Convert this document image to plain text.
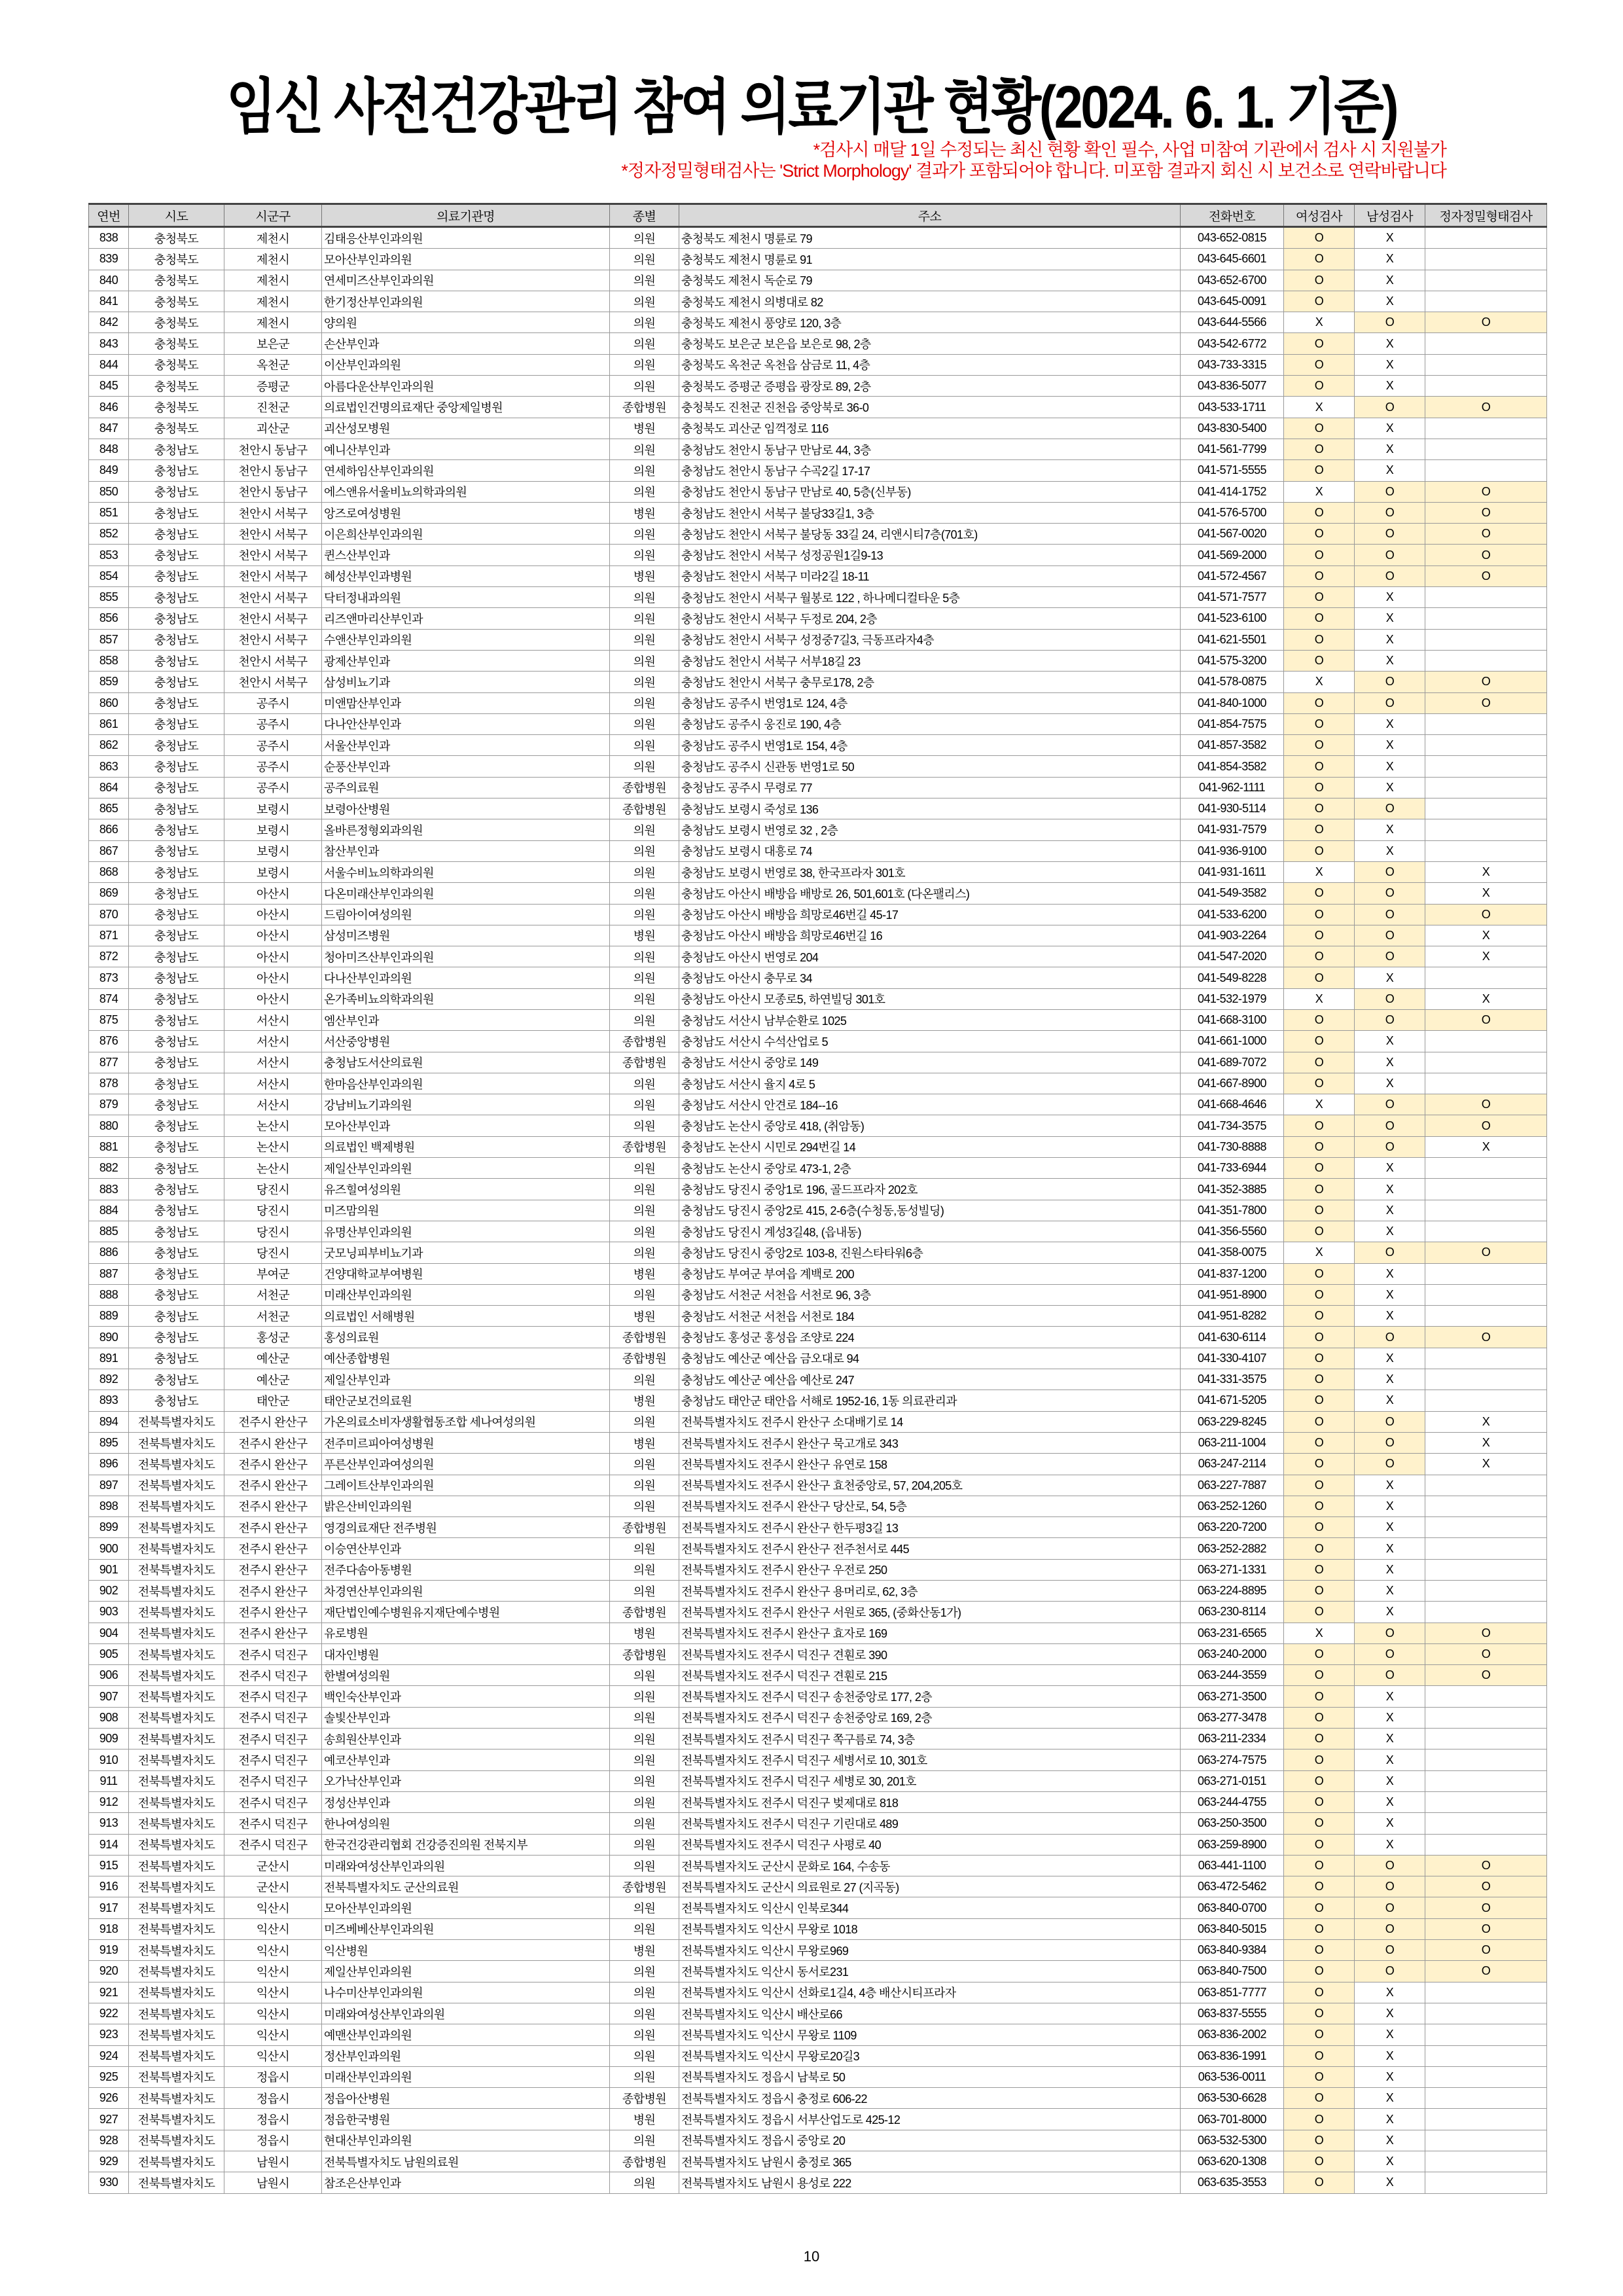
임신 사전건강관리 참여 의료기관 현황(2024. 6. 1. 기준)
*검사시 매달 1일 수정되는 최신 현황 확인 필수, 사업 미참여 기관에서 검사 시 지원불가
*정자정밀형태검사는 'Strict Morphology' 결과가 포함되어야 합니다. 미포함 결과지 회신 시 보건소로 연락바랍니다
연번	시도	시군구	의료기관명	종별	주소	전화번호	여성검사	남성검사	정자정밀형태검사
838	충청북도	제천시	김태응산부인과의원	의원	충청북도 제천시 명륜로 79	043-652-0815	O	X	
839	충청북도	제천시	모아산부인과의원	의원	충청북도 제천시 명륜로 91	043-645-6601	O	X	
840	충청북도	제천시	연세미즈산부인과의원	의원	충청북도 제천시 독순로 79	043-652-6700	O	X	
841	충청북도	제천시	한기정산부인과의원	의원	충청북도 제천시 의병대로 82	043-645-0091	O	X	
842	충청북도	제천시	양의원	의원	충청북도 제천시 풍양로 120, 3층	043-644-5566	X	O	O
843	충청북도	보은군	손산부인과	의원	충청북도 보은군 보은읍 보은로 98, 2층	043-542-6772	O	X	
844	충청북도	옥천군	이산부인과의원	의원	충청북도 옥천군 옥천읍 삼금로 11, 4층	043-733-3315	O	X	
845	충청북도	증평군	아름다운산부인과의원	의원	충청북도 증평군 증평읍 광장로 89, 2층	043-836-5077	O	X	
846	충청북도	진천군	의료법인건명의료재단 중앙제일병원	종합병원	충청북도 진천군 진천읍 중앙북로 36-0	043-533-1711	X	O	O
847	충청북도	괴산군	괴산성모병원	병원	충청북도 괴산군 임꺽정로 116	043-830-5400	O	X	
848	충청남도	천안시 동남구	예니산부인과	의원	충청남도 천안시 동남구 만남로 44, 3층	041-561-7799	O	X	
849	충청남도	천안시 동남구	연세하임산부인과의원	의원	충청남도 천안시 동남구 수곡2길 17-17	041-571-5555	O	X	
850	충청남도	천안시 동남구	에스앤유서울비뇨의학과의원	의원	충청남도 천안시 동남구 만남로 40, 5층(신부동)	041-414-1752	X	O	O
851	충청남도	천안시 서북구	앙즈로여성병원	병원	충청남도 천안시 서북구 불당33길1, 3층	041-576-5700	O	O	O
852	충청남도	천안시 서북구	이은희산부인과의원	의원	충청남도 천안시 서북구 불당동 33길 24, 리앤시티7층(701호)	041-567-0020	O	O	O
853	충청남도	천안시 서북구	퀸스산부인과	의원	충청남도 천안시 서북구 성정공원1길9-13	041-569-2000	O	O	O
854	충청남도	천안시 서북구	혜성산부인과병원	병원	충청남도 천안시 서북구 미라2길 18-11	041-572-4567	O	O	O
855	충청남도	천안시 서북구	닥터정내과의원	의원	충청남도 천안시 서북구 월봉로 122 , 하나메디컬타운 5층	041-571-7577	O	X	
856	충청남도	천안시 서북구	리즈앤마리산부인과	의원	충청남도 천안시 서북구 두정로 204, 2층	041-523-6100	O	X	
857	충청남도	천안시 서북구	수앤산부인과의원	의원	충청남도 천안시 서북구 성정중7길3, 극동프라자4층	041-621-5501	O	X	
858	충청남도	천안시 서북구	광제산부인과	의원	충청남도 천안시 서북구 서부18길 23	041-575-3200	O	X	
859	충청남도	천안시 서북구	삼성비뇨기과	의원	충청남도 천안시 서북구 충무로178, 2층	041-578-0875	X	O	O
860	충청남도	공주시	미앤맘산부인과	의원	충청남도 공주시 번영1로 124, 4층	041-840-1000	O	O	O
861	충청남도	공주시	다나안산부인과	의원	충청남도 공주시 웅진로 190, 4층	041-854-7575	O	X	
862	충청남도	공주시	서울산부인과	의원	충청남도 공주시 번영1로 154, 4층	041-857-3582	O	X	
863	충청남도	공주시	순풍산부인과	의원	충청남도 공주시 신관동 번영1로 50	041-854-3582	O	X	
864	충청남도	공주시	공주의료원	종합병원	충청남도 공주시 무령로 77	041-962-1111	O	X	
865	충청남도	보령시	보령아산병원	종합병원	충청남도 보령시 죽성로 136	041-930-5114	O	O	
866	충청남도	보령시	올바른정형외과의원	의원	충청남도 보령시 번영로 32 , 2층	041-931-7579	O	X	
867	충청남도	보령시	참산부인과	의원	충청남도 보령시 대흥로 74	041-936-9100	O	X	
868	충청남도	보령시	서울수비뇨의학과의원	의원	충청남도 보령시 번영로 38, 한국프라자 301호	041-931-1611	X	O	X
869	충청남도	아산시	다온미래산부인과의원	의원	충청남도 아산시 배방읍 배방로 26, 501,601호 (다온팰리스)	041-549-3582	O	O	X
870	충청남도	아산시	드림아이여성의원	의원	충청남도 아산시 배방읍 희망로46번길 45-17	041-533-6200	O	O	O
871	충청남도	아산시	삼성미즈병원	병원	충청남도 아산시 배방읍 희망로46번길 16	041-903-2264	O	O	X
872	충청남도	아산시	청아미즈산부인과의원	의원	충청남도 아산시 번영로 204	041-547-2020	O	O	X
873	충청남도	아산시	다나산부인과의원	의원	충청남도 아산시 충무로 34	041-549-8228	O	X	
874	충청남도	아산시	온가족비뇨의학과의원	의원	충청남도 아산시 모종로5, 하연빌딩 301호	041-532-1979	X	O	X
875	충청남도	서산시	엠산부인과	의원	충청남도 서산시 남부순환로 1025	041-668-3100	O	O	O
876	충청남도	서산시	서산중앙병원	종합병원	충청남도 서산시 수석산업로 5	041-661-1000	O	X	
877	충청남도	서산시	충청남도서산의료원	종합병원	충청남도 서산시 중앙로 149	041-689-7072	O	X	
878	충청남도	서산시	한마음산부인과의원	의원	충청남도 서산시 율지 4로 5	041-667-8900	O	X	
879	충청남도	서산시	강남비뇨기과의원	의원	충청남도 서산시 안견로 184--16	041-668-4646	X	O	O
880	충청남도	논산시	모아산부인과	의원	충청남도 논산시 중앙로 418, (취암동)	041-734-3575	O	O	O
881	충청남도	논산시	의료법인 백제병원	종합병원	충청남도 논산시 시민로 294번길 14	041-730-8888	O	O	X
882	충청남도	논산시	제일산부인과의원	의원	충청남도 논산시 중앙로 473-1, 2층	041-733-6944	O	X	
883	충청남도	당진시	유즈힐여성의원	의원	충청남도 당진시 중앙1로 196, 골드프라자 202호	041-352-3885	O	X	
884	충청남도	당진시	미즈맘의원	의원	충청남도 당진시 중앙2로 415, 2-6층(수청동,동성빌딩)	041-351-7800	O	X	
885	충청남도	당진시	유명산부인과의원	의원	충청남도 당진시 계성3길48, (읍내동)	041-356-5560	O	X	
886	충청남도	당진시	굿모닝피부비뇨기과	의원	충청남도 당진시 중앙2로 103-8, 진원스타타워6층	041-358-0075	X	O	O
887	충청남도	부여군	건양대학교부여병원	병원	충청남도 부여군 부여읍 계백로 200	041-837-1200	O	X	
888	충청남도	서천군	미래산부인과의원	의원	충청남도 서천군 서천읍 서천로 96, 3층	041-951-8900	O	X	
889	충청남도	서천군	의료법인 서해병원	병원	충청남도 서천군 서천읍 서천로 184	041-951-8282	O	X	
890	충청남도	홍성군	홍성의료원	종합병원	충청남도 홍성군 홍성읍 조양로 224	041-630-6114	O	O	O
891	충청남도	예산군	예산종합병원	종합병원	충청남도 예산군 예산읍 금오대로 94	041-330-4107	O	X	
892	충청남도	예산군	제일산부인과	의원	충청남도 예산군 예산읍 예산로 247	041-331-3575	O	X	
893	충청남도	태안군	태안군보건의료원	병원	충청남도 태안군 태안읍 서해로 1952-16, 1동 의료관리과	041-671-5205	O	X	
894	전북특별자치도	전주시 완산구	가온의료소비자생활협동조합 세나여성의원	의원	전북특별자치도 전주시 완산구 소대배기로 14	063-229-8245	O	O	X
895	전북특별자치도	전주시 완산구	전주미르피아여성병원	병원	전북특별자치도 전주시 완산구 묵고개로 343	063-211-1004	O	O	X
896	전북특별자치도	전주시 완산구	푸른산부인과여성의원	의원	전북특별자치도 전주시 완산구 유연로 158	063-247-2114	O	O	X
897	전북특별자치도	전주시 완산구	그레이트산부인과의원	의원	전북특별자치도 전주시 완산구 효천중앙로, 57, 204,205호	063-227-7887	O	X	
898	전북특별자치도	전주시 완산구	밝은산비인과의원	의원	전북특별자치도 전주시 완산구 당산로, 54, 5층	063-252-1260	O	X	
899	전북특별자치도	전주시 완산구	영경의료재단 전주병원	종합병원	전북특별자치도 전주시 완산구 한두평3길 13	063-220-7200	O	X	
900	전북특별자치도	전주시 완산구	이승연산부인과	의원	전북특별자치도 전주시 완산구 전주천서로 445	063-252-2882	O	X	
901	전북특별자치도	전주시 완산구	전주다솜아동병원	의원	전북특별자치도 전주시 완산구 우전로 250	063-271-1331	O	X	
902	전북특별자치도	전주시 완산구	차경연산부인과의원	의원	전북특별자치도 전주시 완산구 용머리로, 62, 3층	063-224-8895	O	X	
903	전북특별자치도	전주시 완산구	재단법인예수병원유지재단예수병원	종합병원	전북특별자치도 전주시 완산구 서원로 365, (중화산동1가)	063-230-8114	O	X	
904	전북특별자치도	전주시 완산구	유로병원	병원	전북특별자치도 전주시 완산구 효자로 169	063-231-6565	X	O	O
905	전북특별자치도	전주시 덕진구	대자인병원	종합병원	전북특별자치도 전주시 덕진구 견훤로 390	063-240-2000	O	O	O
906	전북특별자치도	전주시 덕진구	한별여성의원	의원	전북특별자치도 전주시 덕진구 견훤로 215	063-244-3559	O	O	O
907	전북특별자치도	전주시 덕진구	백인숙산부인과	의원	전북특별자치도 전주시 덕진구 송천중앙로 177, 2층	063-271-3500	O	X	
908	전북특별자치도	전주시 덕진구	솔빛산부인과	의원	전북특별자치도 전주시 덕진구 송천중앙로 169, 2층	063-277-3478	O	X	
909	전북특별자치도	전주시 덕진구	송희원산부인과	의원	전북특별자치도 전주시 덕진구 쪽구름로 74, 3층	063-211-2334	O	X	
910	전북특별자치도	전주시 덕진구	예코산부인과	의원	전북특별자치도 전주시 덕진구 세병서로 10, 301호	063-274-7575	O	X	
911	전북특별자치도	전주시 덕진구	오가낙산부인과	의원	전북특별자치도 전주시 덕진구 세병로 30, 201호	063-271-0151	O	X	
912	전북특별자치도	전주시 덕진구	정성산부인과	의원	전북특별자치도 전주시 덕진구 벚제대로 818	063-244-4755	O	X	
913	전북특별자치도	전주시 덕진구	한나여성의원	의원	전북특별자치도 전주시 덕진구 기린대로 489	063-250-3500	O	X	
914	전북특별자치도	전주시 덕진구	한국건강관리협회 건강증진의원 전북지부	의원	전북특별자치도 전주시 덕진구 사평로 40	063-259-8900	O	X	
915	전북특별자치도	군산시	미래와여성산부인과의원	의원	전북특별자치도 군산시 문화로 164, 수송동	063-441-1100	O	O	O
916	전북특별자치도	군산시	전북특별자치도 군산의료원	종합병원	전북특별자치도 군산시 의료원로 27 (지곡동)	063-472-5462	O	O	O
917	전북특별자치도	익산시	모아산부인과의원	의원	전북특별자치도 익산시 인북로344	063-840-0700	O	O	O
918	전북특별자치도	익산시	미즈베베산부인과의원	의원	전북특별자치도 익산시 무왕로 1018	063-840-5015	O	O	O
919	전북특별자치도	익산시	익산병원	병원	전북특별자치도 익산시 무왕로969	063-840-9384	O	O	O
920	전북특별자치도	익산시	제일산부인과의원	의원	전북특별자치도 익산시 동서로231	063-840-7500	O	O	O
921	전북특별자치도	익산시	나수미산부인과의원	의원	전북특별자치도 익산시 선화로1길4, 4층 배산시티프라자	063-851-7777	O	X	
922	전북특별자치도	익산시	미래와여성산부인과의원	의원	전북특별자치도 익산시 배산로66	063-837-5555	O	X	
923	전북특별자치도	익산시	예맨산부인과의원	의원	전북특별자치도 익산시 무왕로 1109	063-836-2002	O	X	
924	전북특별자치도	익산시	정산부인과의원	의원	전북특별자치도 익산시 무왕로20길3	063-836-1991	O	X	
925	전북특별자치도	정읍시	미래산부인과의원	의원	전북특별자치도 정읍시 남북로 50	063-536-0011	O	X	
926	전북특별자치도	정읍시	정읍아산병원	종합병원	전북특별자치도 정읍시 충정로 606-22	063-530-6628	O	X	
927	전북특별자치도	정읍시	정읍한국병원	병원	전북특별자치도 정읍시 서부산업도로 425-12	063-701-8000	O	X	
928	전북특별자치도	정읍시	현대산부인과의원	의원	전북특별자치도 정읍시 중앙로 20	063-532-5300	O	X	
929	전북특별자치도	남원시	전북특별자치도 남원의료원	종합병원	전북특별자치도 남원시 충정로 365	063-620-1308	O	X	
930	전북특별자치도	남원시	참조은산부인과	의원	전북특별자치도 남원시 용성로 222	063-635-3553	O	X	
10
